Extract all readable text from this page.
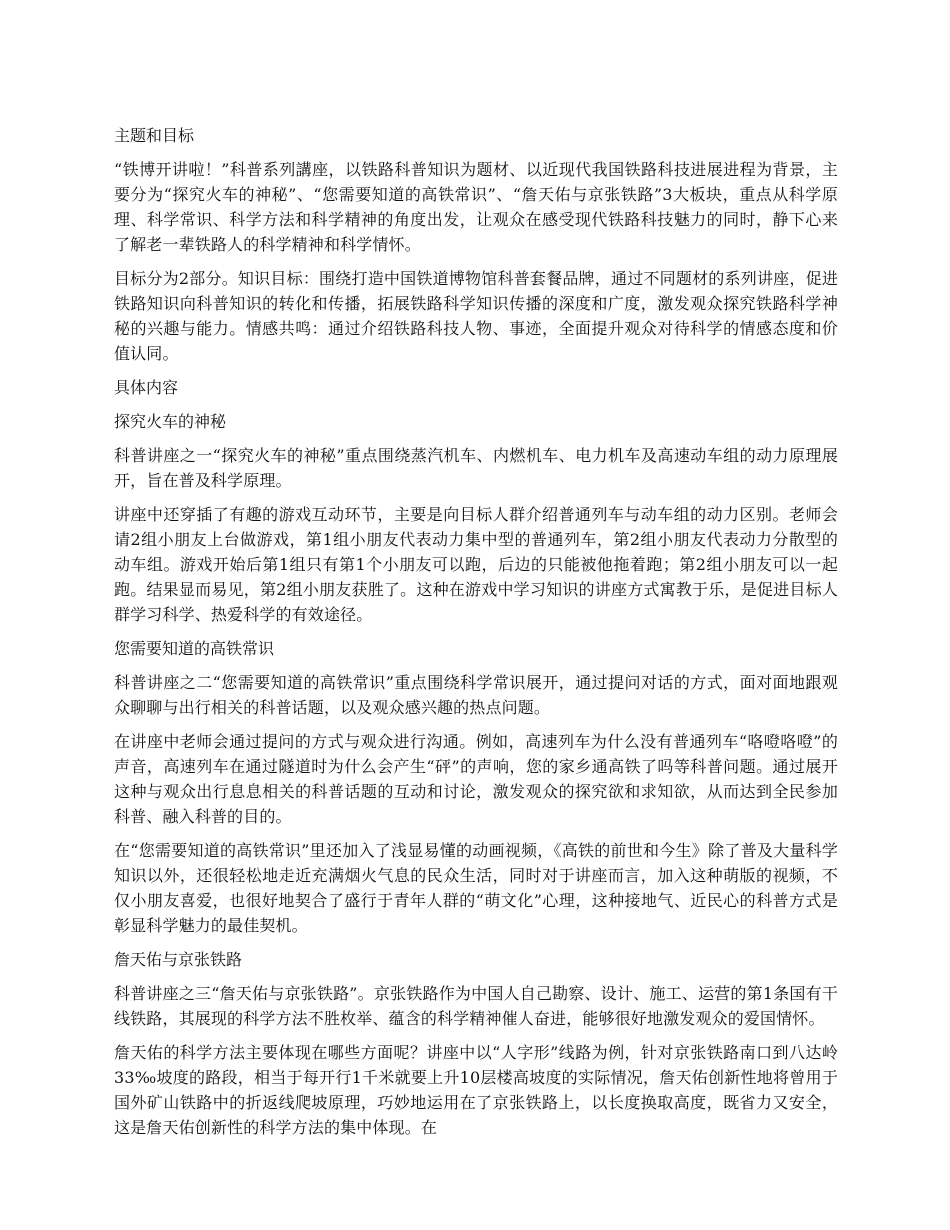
主题和目标

“铁博开讲啦！”科普系列講座，以铁路科普知识为题材、以近现代我国铁路科技进展进程为背景，主要分为“探究火车的神秘”、“您需要知道的高铁常识”、“詹天佑与京张铁路”3大板块，重点从科学原理、科学常识、科学方法和科学精神的角度出发，让观众在感受现代铁路科技魅力的同时，静下心来了解老一辈铁路人的科学精神和科学情怀。

目标分为2部分。知识目标：围绕打造中国铁道博物馆科普套餐品牌，通过不同题材的系列讲座，促进铁路知识向科普知识的转化和传播，拓展铁路科学知识传播的深度和广度，激发观众探究铁路科学神秘的兴趣与能力。情感共鸣：通过介绍铁路科技人物、事迹，全面提升观众对待科学的情感态度和价值认同。

具体内容
探究火车的神秘

科普讲座之一“探究火车的神秘”重点围绕蒸汽机车、内燃机车、电力机车及高速动车组的动力原理展开，旨在普及科学原理。

讲座中还穿插了有趣的游戏互动环节，主要是向目标人群介绍普通列车与动车组的动力区别。老师会请2组小朋友上台做游戏，第1组小朋友代表动力集中型的普通列车，第2组小朋友代表动力分散型的动车组。游戏开始后第1组只有第1个小朋友可以跑，后边的只能被他拖着跑；第2组小朋友可以一起跑。结果显而易见，第2组小朋友获胜了。这种在游戏中学习知识的讲座方式寓教于乐，是促进目标人群学习科学、热爱科学的有效途径。

您需要知道的高铁常识

科普讲座之二“您需要知道的高铁常识”重点围绕科学常识展开，通过提问对话的方式，面对面地跟观众聊聊与出行相关的科普话题，以及观众感兴趣的热点问题。

在讲座中老师会通过提问的方式与观众进行沟通。例如，高速列车为什么没有普通列车“咯噔咯噔”的声音，高速列车在通过隧道时为什么会产生“砰”的声响，您的家乡通高铁了吗等科普问题。通过展开这种与观众出行息息相关的科普话题的互动和讨论，激发观众的探究欲和求知欲，从而达到全民参加科普、融入科普的目的。

在“您需要知道的高铁常识”里还加入了浅显易懂的动画视频，《高铁的前世和今生》除了普及大量科学知识以外，还很轻松地走近充满烟火气息的民众生活，同时对于讲座而言，加入这种萌版的视频，不仅小朋友喜爱，也很好地契合了盛行于青年人群的“萌文化”心理，这种接地气、近民心的科普方式是彰显科学魅力的最佳契机。

詹天佑与京张铁路

科普讲座之三“詹天佑与京张铁路”。京张铁路作为中国人自己勘察、设计、施工、运营的第1条国有干线铁路，其展现的科学方法不胜枚举、蕴含的科学精神催人奋进，能够很好地激发观众的爱国情怀。

詹天佑的科学方法主要体现在哪些方面呢？讲座中以“人字形”线路为例，针对京张铁路南口到八达岭33‰坡度的路段，相当于每开行1千米就要上升10层楼高坡度的实际情况，詹天佑创新性地将曾用于国外矿山铁路中的折返线爬坡原理，巧妙地运用在了京张铁路上，以长度换取高度，既省力又安全，这是詹天佑创新性的科学方法的集中体现。在
